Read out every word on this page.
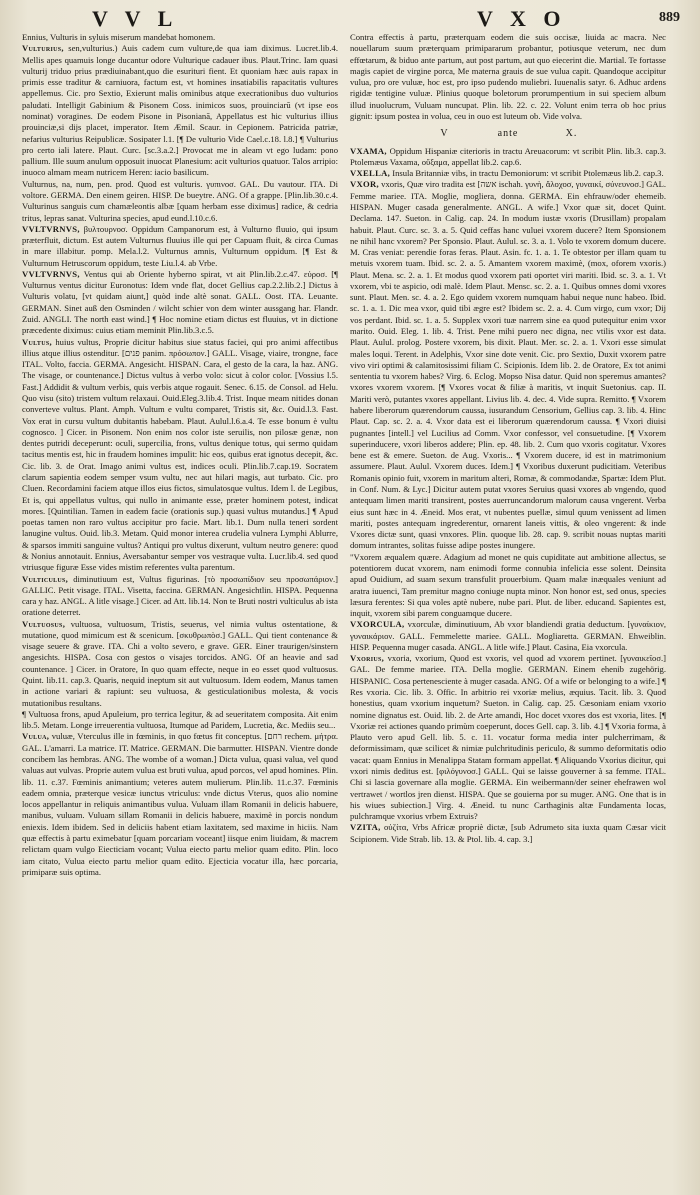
V V L	V X O	889

Ennius, Vulturis in syluis miserum mandebat homonem.

Vulturius, sen,vulturius.) Auis cadem cum vulture,de qua iam diximus. Lucret.lib.4. Mellis apes quamuis longe ducantur odore Vulturique cadauer ibus. Plaut.Trinc. Iam quasi vulturij triduo prius prædiuinabant,quo die esurituri fient. Et quoniam hæc auis rapax in primis esse traditur & carniuora, factum est, vt homines insatiabilis rapacitatis vultures appellemus. Cic. pro Sextio, Exierunt malis ominibus atque execrationibus duo vulturios paludati. Intelligit Gabinium & Pisonem Coss. inimicos suos, prouinciarū (vt ipse eos nominat) voragines. De eodem Pisone in Pisonianā, Appellatus est hic vulturius illius prouinciæ,si dijs placet, imperator. Item Æmil. Scaur. in Cepionem. Patricida patriæ, nefarius vulturius Reipublicæ. Sosipater l.1. [¶ De vulturio Vide Cael.c.18. l.8.] ¶ Vulturius pro certo iali latere. Plaut. Curc. [sc.3.a.2.] Provocat me in aleam vt ego ludam: pono pallium. Ille suum anulum opposuit inuocat Planesium: acit vulturios quatuor. Talos arripio: inuoco almam meam nutricem Heren: iacio basilicum.

Vulturnus, na, num, pen. prod. Quod est vulturis. γυπινοσ. GAL. Du vautour. ITA. Di voltore. GERMA. Den einem geiren. HISP. De bueytre. ANG. Of a grappe. [Plin.lib.30.c.4. Vulturinus sanguis cum chamæleontis albæ [quam herbam esse diximus] radice, & cedria tritus, lepras sanat. Vulturina species, apud eund.l.10.c.6.

VVLTVRNVS, βυλτουρνοσ. Oppidum Campanorum est, à Vulturno fluuio, qui ipsum præterfluit, dictum. Est autem Vulturnus fluuius ille qui per Capuam fluit, & circa Cumas in mare illabitur. pomp. Mela.l.2. Vulturnus amnis, Vulturnum oppidum. [¶ Est & Vulturnum Hetruscorum oppidum, teste Liu.l.4. ab Vrbe.

VVLTVRNVS, Ventus qui ab Oriente hyberno spirat, vt ait Plin.lib.2.c.47. εὐροσ. [¶ Vulturnus ventus dicitur Euronotus: Idem vnde flat, docet Gellius cap.2.2.lib.2.] Dictus à Vulturis volatu, [vt quidam aiunt,] quòd inde altè sonat. GALL. Oost. ITA. Leuante. GERMAN. Sinet auß den Osminden / wilcht schier von dem winter aussgang har. Flandr. Zuid. ANGLI. The north east wind.] ¶ Hoc nomine etiam dictus est fluuius, vt in dictione præcedente diximus: cuius etiam meminit Plin.lib.3.c.5.

Vultus, huius vultus, Proprie dicitur habitus siue status faciei, qui pro animi affectibus illius atque illius ostenditur. [פנים panim. πρόσωπον.] GALL. Visage, viaire, trongne, face ITAL. Volto, faccia. GERMA. Angesicht. HISPAN. Cara, el gesto de la cara, la haz. ANG. The visage, or countenance.] Dictus vultus à verbo volo: sicut à color color. [Vossius l.5. Fast.] Addidit & vultum verbis, quis verbis atque rogauit. Senec. 6.15. de Consol. ad Helu. Quo visu (sito) tristem vultum relaxaui. Ouid.Eleg.3.lib.4. Trist. Inque meam nitides donan converteve vultus. Plant. Amph. Vultum e vultu comparet, Tristis sit, &c. Ouid.l.3. Fast. Vox erat in cursu vultum dubitantis habebam. Plaut. Aulul.l.6.a.4. Te esse bonum è vultu cognosco. ] Cicer. in Pisonem. Non enim nos color iste seruilis, non pilosæ genæ, non dentes putridi deceperunt: oculi, supercilia, frons, vultus denique totus, qui sermo quidam tacitus mentis est, hic in fraudem homines impulit: hic eos, quibus erat ignotus decepit, &c. Cic. lib. 3. de Orat. Imago animi vultus est, indices oculi. Plin.lib.7.cap.19. Socratem clarum sapientia eodem semper vsum vultu, nec aut hilari magis, aut turbato. Cic. pro Cluen. Recordamini faciem atque illos eius fictos, simulatosque vultus. Idem l. de Legibus, Et is, qui appellatus vultus, qui nullo in animante esse, præter hominem potest, indicat mores. [Quintilian. Tamen in eadem facie (orationis sup.) quasi vultus mutandus.] ¶ Apud poetas tamen non raro vultus accipitur pro facie. Mart. lib.1. Dum nulla teneri sordent lanugine vultus. Ouid. lib.3. Metam. Quid monor interea crudelia vulnera Lymphi Ablurre, & sparsos immiti sanguine vultus? Antiqui pro vultus dixerunt, vultum neutro genere: quod & Nonius annotauit. Ennius, Aversabantur semper vos vestraque vulta. Lucr.lib.4. sed quod vtriusque figuræ Esse vides mistim referentes vulta parentum.

Vulticulus, diminutiuum est, Vultus figurinas. [τὸ προσωπίδιον seu προσωπάριον.] GALLIC. Petit visage. ITAL. Visetta, faccina. GERMAN. Angesichtlin. HISPA. Pequenna cara y haz. ANGL. A litle visage.] Cicer. ad Att. lib.14. Non te Bruti nostri vulticulus ab ista oratione deterret.

Vultuosus, vultuosa, vultuosum, Tristis, seuerus, vel nimia vultus ostentatione, & mutatione, quod mimicum est & scenicum. [σκυθρωπὸσ.] GALL. Qui tient contenance & visage seuere & grave. ITA. Chi a volto severo, e grave. GER. Einer traurigen/sinstern angesichts. HISPA. Cosa con gestos o visajes torcidos. ANG. Of an heavie and sad countenance. ] Cicer. in Oratore, In quo quam effecte, neque in eo esset quod vultuosus. Quint. lib.11. cap.3. Quaris, nequid ineptum sit aut vultuosum. Idem eodem, Manus tamen in actione variari & rapiunt: seu vultuosa, & gesticulationibus molesta, & vocis mutationibus resultans.

¶ Vultuosa frons, apud Apuleium, pro terrica legitur, & ad seueritatem composita. Ait enim lib.5. Metam. Longe irreuerentia vultuosa, Itumque ad Paridem, Lucretia, &c. Mediis seu...

Vulua, vuluæ, Vterculus ille in fœminis, in quo fœtus fit conceptus. [רחם rechem. μήτρα. GAL. L'amarri. La matrice. IT. Matrice. GERMAN. Die barmutter. HISPAN. Vientre donde concibem las hembras. ANG. The wombe of a woman.] Dicta vulua, quasi valua, vel quod valuas aut vulvas. Proprie autem vulua est bruti vulua, apud porcos, vel apud homines. Plin. lib. 11. c.37. Fœminis animantium; veteres autem mulierum. Plin.lib. 11.c.37. Fœminis eadem omnia, præterque vesicæ iunctus vtriculus: vnde dictus Vterus, quos alio nomine locos appellantur in reliquis animantibus vulua. Vuluam illam Romanii in delicis habuere, manibus, vuluam. Vuluam sillam Romanii in delicis habuere, maximè in porcis nondum eniexis. Idem ibidem. Sed in deliciis habent etiam laxitatem, sed maxime in hiciis. Nam quæ effectis à partu eximebatur [quam porcariam voceant] iisque enim liuidam, & macrem relictam quam vulgo Eiecticiam vocant; Vulua eiecto partu melior quam edito. Plin. loco iam citato, Vulua eiecto partu melior quam edito. Ejecticia vocatur illa, hæc porcaria, primiparæ suis optima.

Contra effectis à partu, præterquam eodem die suis occisæ, liuida ac macra. Nec nouellarum suum præterquam primipararum probantur, potiusque veterum, nec dum effœtarum, & biduo ante partum, aut post partum, aut quo eiecerint die. Martial. Te fortasse magis capiet de virgine porca, Me materna grauis de sue vulua capit. Quandoque accipitur vulua, pro ore vuluæ, hoc est, pro ipso pudendo muliebri. Iuuenalis satyr. 6. Adhuc ardens rigidæ tentigine vuluæ. Plinius quoque boletorum prorumpentium in sui speciem album illud inuolucrum, Vuluam nuncupat. Plin. lib. 22. c. 22. Volunt enim terra ob hoc prius gignit: ipsum postea in volua, ceu in ouo est luteum ob. Vide volva.

V	ante	X.

VXAMA, Oppidum Hispaniæ citerioris in tractu Areuacorum: vt scribit Plin. lib.3. cap.3. Ptolemæus Vaxama, οὔξαμα, appellat lib.2. cap.6.

VXELLA, Insula Britanniæ vibs, in tractu Demoniorum: vt scribit Ptolemæus lib.2. cap.3.

VXOR, vxoris, Quæ viro tradita est [אשה ischah. γυνὴ, ἄλοχοσ, γυναικί, σύνευνοσ.] GAL. Femme mariee. ITA. Moglie, mogliera, donna. GERMA. Ein ehfrauw/oder ehemeib. HISPAN. Muger casada generalmente. ANGL. A wife.] Vxor quæ sit, docet Quint. Declama. 147. Sueton. in Calig. cap. 24. In modum iustæ vxoris (Drusillam) propalam habuit. Plaut. Curc. sc. 3. a. 5. Quid ceffas hanc vuluei vxorem ducere? Item Sponsionem ne nihil hanc vxorem? Per Sponsio. Plaut. Aulul. sc. 3. a. 1. Volo te vxorem domum ducere. M. Cras veniat: perendie foras feras. Plaut. Asin. fc. 1. a. 1. Te obtestor per illam quam tu metuis vxorem tuam. Ibid. sc. 2. a. 5. Amantem vxorem maximè, (mox, oforem vxoris.) Plaut. Mena. sc. 2. a. 1. Et modus quod vxorem pati oportet viri mariti. Ibid. sc. 3. a. 1. Vt vxorem, vbi te aspicio, odi malè. Idem Plaut. Mensc. sc. 2. a. 1. Quibus omnes domi vxores sunt. Plaut. Men. sc. 4. a. 2. Ego quidem vxorem numquam habui neque nunc habeo. Ibid. sc. 1. a. 1. Dic mea vxor, quid tibi ægre est? Ibidem sc. 2. a. 4. Cum virgo, cum vxor; Dij vos perdant. Ibid. sc. 1. a. 5. Supplex vxori tuæ narrem sine ea quod putequitur enim vxor marito. Ouid. Eleg. 1. lib. 4. Trist. Pene mihi puero nec digna, nec vtilis vxor est data. Plaut. Aulul. prolog. Postere vxorem, bis dixit. Plaut. Mer. sc. 2. a. 1. Vxori esse simulat males loqui. Terent. in Adelphis, Vxor sine dote venit. Cic. pro Sextio, Duxit vxorem patre vivo viri optimi & calamitosissimi filiam C. Scipionis. Idem lib. 2. de Oratore, Ex tot animi sententia tu vxorem habes? Virg. 6. Eclog. Mopso Nisa datur. Quid non speremus amantes? vxores vxorem vxorem. [¶ Vxores vocat & filiæ à maritis, vt inquit Suetonius. cap. II. Mariti verò, putantes vxores appellant. Livius lib. 4. dec. 4. Vide supra. Remitto. ¶ Vxorem habere liberorum quærendorum caussa, iusurandum Censorium, Gellius cap. 3. lib. 4. Hinc Plaut. Cap. sc. 2. a. 4. Vxor data est ei liberorum quærendorum caussa. ¶ Vxori diuisi pugnantes [intell.] vel Lucilius ad Comm. Vxor confessor, vel consuetudine. [¶ Vxorem superinducere, vxori liberos addere; Plin. ep. 48. lib. 2. Cum quo vxoris cogitatur. Vxores bene est & emere. Sueton. de Aug. Vxoris... ¶ Vxorem ducere, id est in matrimonium assumere. Plaut. Aulul. Vxorem duces. Idem.] ¶ Vxoribus duxerunt pudicitiam. Veteribus Romanis opinio fuit, vxorem in maritum alteri, Romæ, & commodandæ, Spartæ: Idem Plut. in Conf. Num. & Lyc.] Dicitur autem putat vxores Seruius quasi vxores ab vngendo, quod antequam limen mariti transirent, postes auerruncandorum malorum causa vngerent. Verba eius sunt hæc in 4. Æneid. Mos erat, vt nubentes puellæ, simul quum venissent ad limen mariti, postes antequam ingrederentur, ornarent laneis vittis, & oleo vngerent: & inde Vxores dictæ sunt, quasi vnxores. Plin. quoque lib. 28. cap. 9. scribit nouas nuptas mariti domum intrantes, solitas fuisse adipe postes inungere.

"Vxorem æqualem quære. Adagium ad monet ne quis cupiditate aut ambitione allectus, se potentiorem ducat vxorem, nam enimodi forme connubia infelicia esse solent. Deinsita apud Ouidium, ad suam sexum transfulit prouerbium. Quam malæ inæquales veniunt ad aratra iuuenci, Tam premitur magno coniuge nupta minor. Non honor est, sed onus, species læsura ferentes: Si qua voles aptè nubere, nube pari. Plut. de liber. educand. Sapientes est, inquit, vxorem sibi parem conguamque ducere.

VXORCULA, vxorculæ, diminutiuum, Ab vxor blandiendi gratia deductum. [γυναίκιον, γυναικάριον. GALL. Femmelette mariee. GALL. Mogliaretta. GERMAN. Ehweiblin. HISP. Pequenna muger casada. ANGL. A litle wife.] Plaut. Casina, Eia vxorcula.

Vxorius, vxoria, vxorium, Quod est vxoris, vel quod ad vxorem pertinet. [γυναικεῖοσ.] GAL. De femme mariee. ITA. Della moglie. GERMAN. Einem ehenib zugehörig. HISPANIC. Cosa pertenesciente à muger casada. ANG. Of a wife or belonging to a wife.] ¶ Res vxoria. Cic. lib. 3. Offic. In arbitrio rei vxoriæ melius, æquius. Tacit. lib. 3. Quod honestius, quam vxorium inquetum? Sueton. in Calig. cap. 25. Cæsoniam eniam vxorio nomine dignatus est. Ouid. lib. 2. de Arte amandi, Hoc docet vxores dos est vxoria, lites. [¶ Vxoriæ rei actiones quando primùm coeperunt, doces Gell. cap. 3. lib. 4.] ¶ Vxoria forma, à Plauto vero apud Gell. lib. 5. c. 11. vocatur forma media inter pulcherrimam, & deformissimam, quæ scilicet & nimiæ pulchritudinis periculo, & summo deformitatis odio vacat: quam Ennius in Menalippa Statam formam appellat. ¶ Aliquando Vxorius dicitur, qui vxori nimis deditus est. [φιλόγυνοσ.] GALL. Qui se laisse gouverner à sa femme. ITAL. Chi si lascia governare alla moglie. GERMA. Ein weibermann/der seiner ehefrawen wol vertrawet / wortlos jren dienst. HISPA. Que se gouierna por su muger. ANG. One that is in his wiues subiection.] Virg. 4. Æneid. tu nunc Carthaginis altæ Fundamenta locas, pulchramque vxorius vrbem Extruis?

VZITA, οὐζίτα, Vrbs Africæ propriè dictæ, [sub Adrumeto sita iuxta quam Cæsar vicit Scipionem. Vide Strab. lib. 13. & Ptol. lib. 4. cap. 3.]
